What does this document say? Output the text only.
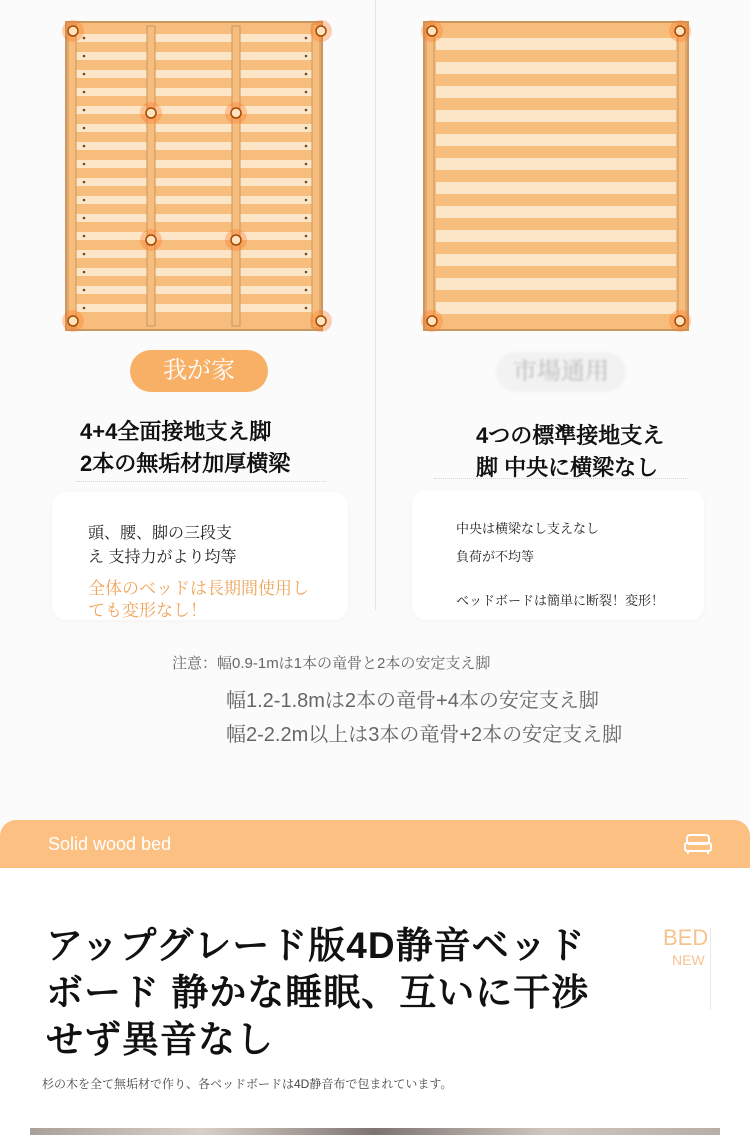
我が家	市場通用
4+4全面接地支え脚
2本の無垢材加厚横梁
4つの標準接地支え
脚 中央に横梁なし
頭、腰、脚の三段支
え 支持力がより均等
全体のベッドは長期間使用し
ても変形なし！
中央は横梁なし支えなし
負荷が不均等
ベッドボードは簡単に断裂！変形！
注意：幅0.9-1mは1本の竜骨と2本の安定支え脚
幅1.2-1.8mは2本の竜骨+4本の安定支え脚
幅2-2.2m以上は3本の竜骨+2本の安定支え脚
Solid wood bed
アップグレード版4D静音ベッド
ボード 静かな睡眠、互いに干渉
せず異音なし
BED
NEW
杉の木を全て無垢材で作り、各ベッドボードは4D静音布で包まれています。
